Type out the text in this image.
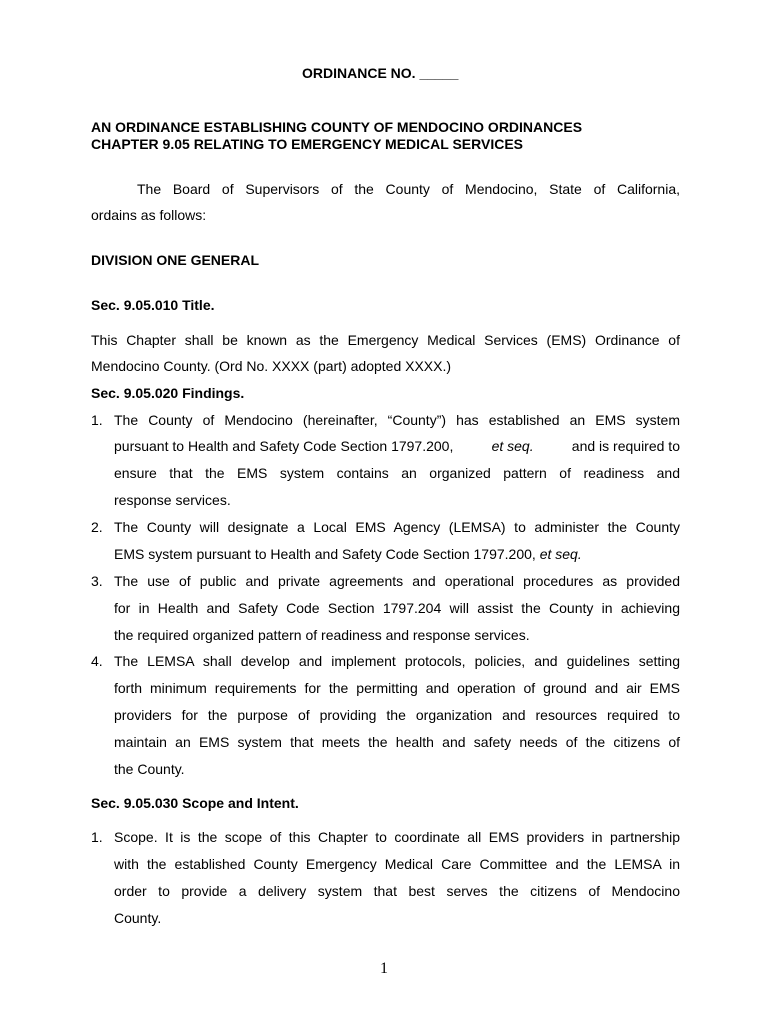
ORDINANCE NO. _____
AN ORDINANCE ESTABLISHING COUNTY OF MENDOCINO ORDINANCES
CHAPTER 9.05 RELATING TO EMERGENCY MEDICAL SERVICES
The Board of Supervisors of the County of Mendocino, State of California,
ordains as follows:
DIVISION ONE GENERAL
Sec. 9.05.010 Title.
This Chapter shall be known as the Emergency Medical Services (EMS) Ordinance of
Mendocino County. (Ord No. XXXX (part) adopted XXXX.)
Sec. 9.05.020 Findings.
1. The County of Mendocino (hereinafter, “County”) has established an EMS system
pursuant to Health and Safety Code Section 1797.200,	et seq.	and is required to
ensure that the EMS system contains an organized pattern of readiness and
response services.
2. The County will designate a Local EMS Agency (LEMSA) to administer the County
EMS system pursuant to Health and Safety Code Section 1797.200, et seq.
3. The use of public and private agreements and operational procedures as provided
for in Health and Safety Code Section 1797.204 will assist the County in achieving
the required organized pattern of readiness and response services.
4. The LEMSA shall develop and implement protocols, policies, and guidelines setting
forth minimum requirements for the permitting and operation of ground and air EMS
providers for the purpose of providing the organization and resources required to
maintain an EMS system that meets the health and safety needs of the citizens of
the County.
Sec. 9.05.030 Scope and Intent.
1. Scope. It is the scope of this Chapter to coordinate all EMS providers in partnership
with the established County Emergency Medical Care Committee and the LEMSA in
order to provide a delivery system that best serves the citizens of Mendocino
County.
1
